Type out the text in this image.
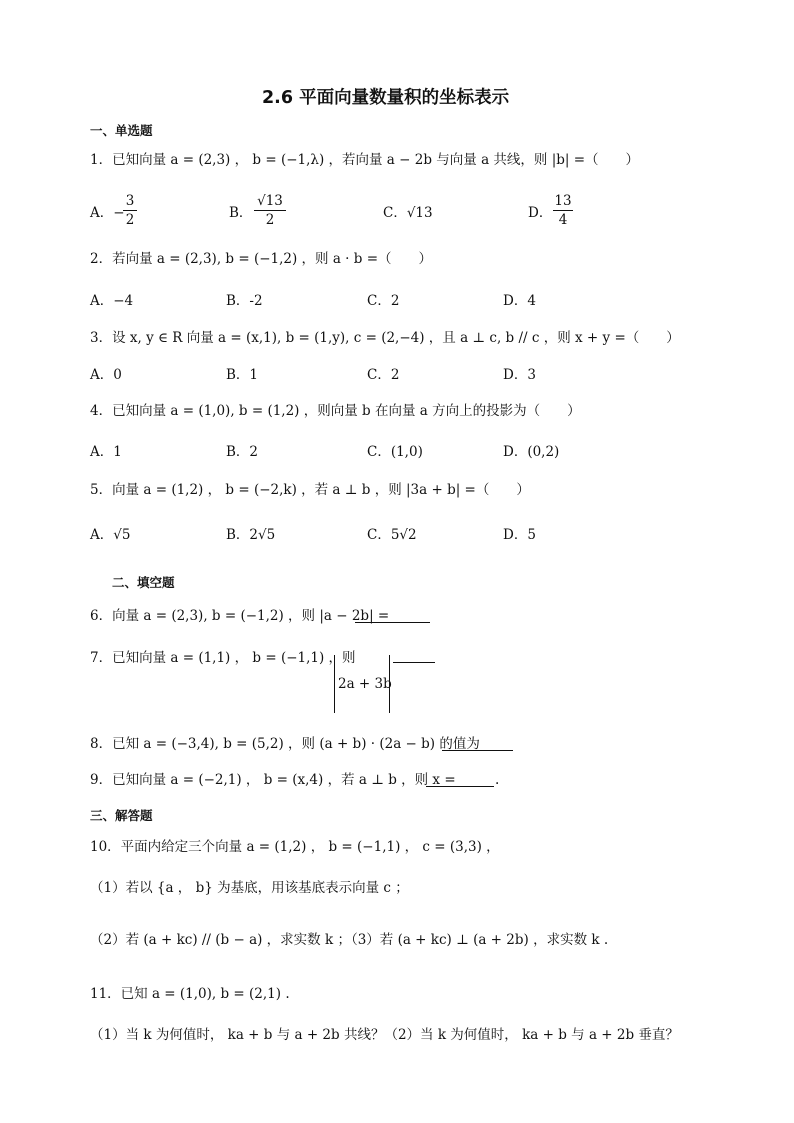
2.6 平面向量数量积的坐标表示
一、单选题
1．已知向量 a = (2,3) ， b = (−1,λ) ，若向量 a − 2b 与向量 a 共线，则 |b| =（　　）
A．−
3
2	B．
√13
2	C．√13	D．
13
4
2．若向量 a = (2,3), b = (−1,2) ，则 a · b =（　　）
A．−4	B．-2	C．2	D．4
3．设 x, y ∈ R 向量 a = (x,1), b = (1,y), c = (2,−4) ，且 a ⊥ c, b // c ，则 x + y =（　　）
A．0	B．1	C．2	D．3
4．已知向量 a = (1,0), b = (1,2) ，则向量 b 在向量 a 方向上的投影为（　　）
A．1	B．2	C．(1,0)	D．(0,2)
5．向量 a = (1,2) ， b = (−2,k) ，若 a ⊥ b ，则 |3a + b| =（　　）
A．√5	B．2√5	C．5√2	D．5
二、填空题
6．向量 a = (2,3), b = (−1,2) ，则 |a − 2b| =
7．已知向量 a = (1,1) ， b = (−1,1) ，则
2a + 3b
8．已知 a = (−3,4), b = (5,2) ，则 (a + b) · (2a − b) 的值为
9．已知向量 a = (−2,1) ， b = (x,4) ，若 a ⊥ b ，则 x =	.
三、解答题
10．平面内给定三个向量 a = (1,2) ， b = (−1,1) ， c = (3,3) ，
（1）若以 {a ， b} 为基底，用该基底表示向量 c ；
（2）若 (a + kc) // (b − a) ，求实数 k ；（3）若 (a + kc) ⊥ (a + 2b) ，求实数 k .
11．已知 a = (1,0), b = (2,1) .
（1）当 k 为何值时， ka + b 与 a + 2b 共线？（2）当 k 为何值时， ka + b 与 a + 2b 垂直？
